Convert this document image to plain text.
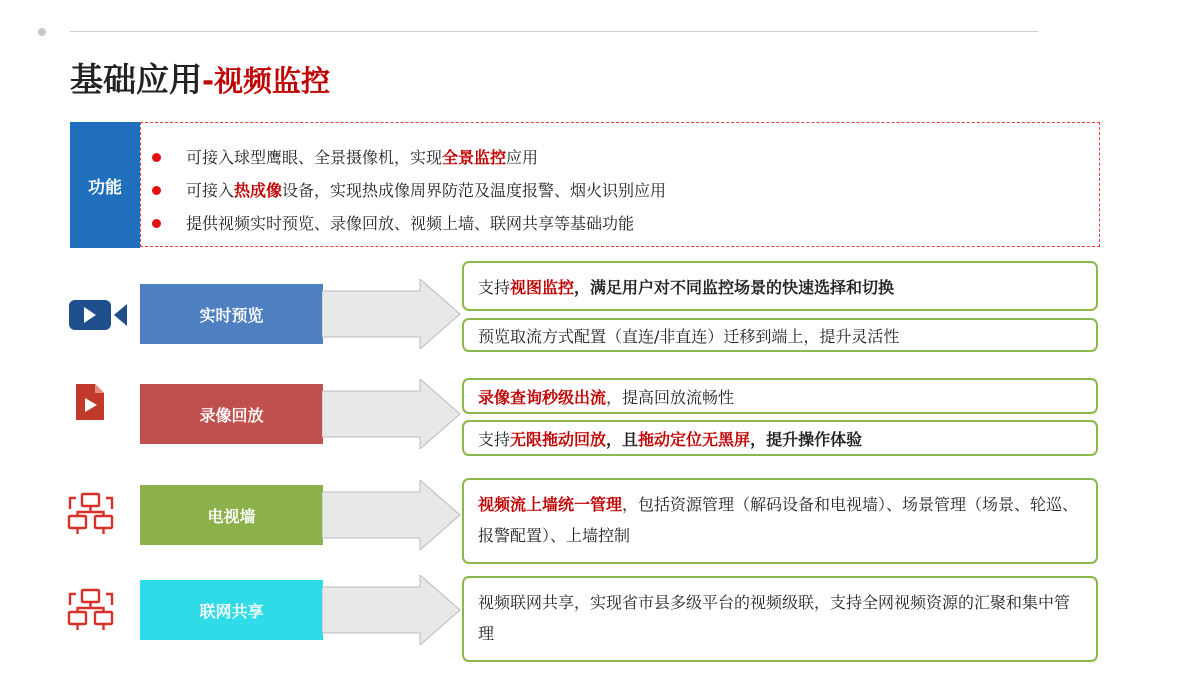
基础应用-视频监控
功能
可接入球型鹰眼、全景摄像机，实现全景监控应用
可接入热成像设备，实现热成像周界防范及温度报警、烟火识别应用
提供视频实时预览、录像回放、视频上墙、联网共享等基础功能
实时预览
支持视图监控，满足用户对不同监控场景的快速选择和切换
预览取流方式配置（直连/非直连）迁移到端上，提升灵活性
录像回放
录像查询秒级出流，提高回放流畅性
支持无限拖动回放，且拖动定位无黑屏，提升操作体验
电视墙
视频流上墙统一管理，包括资源管理（解码设备和电视墙）、场景管理（场景、轮巡、报警配置）、上墙控制
联网共享	视频联网共享，实现省市县多级平台的视频级联，支持全网视频资源的汇聚和集中管理
